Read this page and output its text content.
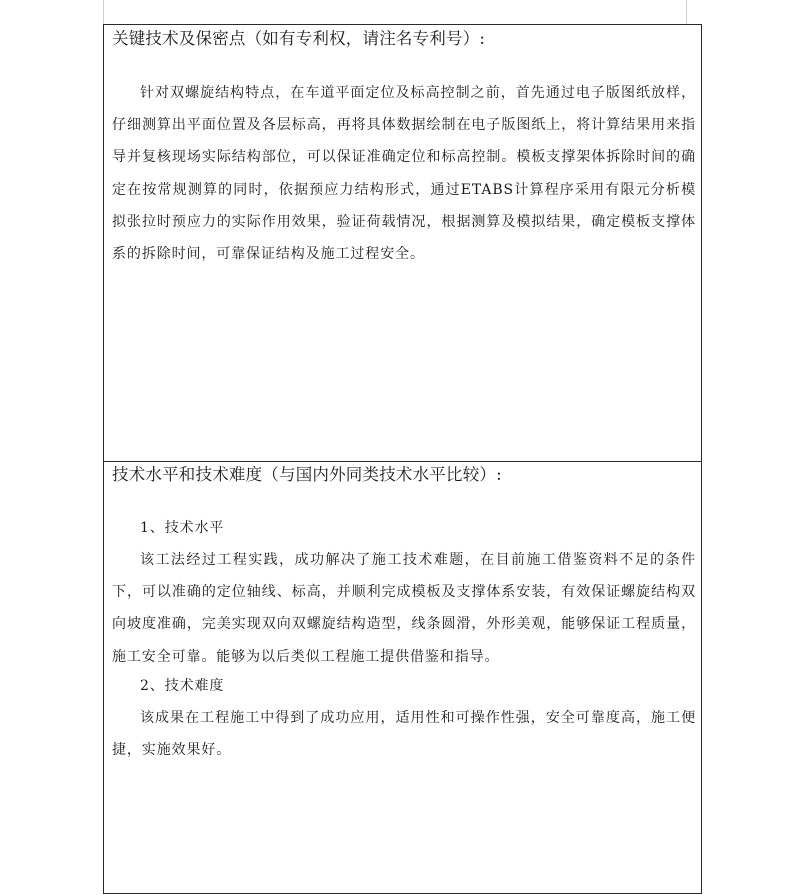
关键技术及保密点（如有专利权，请注名专利号）:

针对双螺旋结构特点，在车道平面定位及标高控制之前，首先通过电子版图纸放样，仔细测算出平面位置及各层标高，再将具体数据绘制在电子版图纸上，将计算结果用来指导并复核现场实际结构部位，可以保证准确定位和标高控制。模板支撑架体拆除时间的确定在按常规测算的同时，依据预应力结构形式，通过ETABS计算程序采用有限元分析模拟张拉时预应力的实际作用效果，验证荷载情况，根据测算及模拟结果，确定模板支撑体系的拆除时间，可靠保证结构及施工过程安全。

技术水平和技术难度（与国内外同类技术水平比较）:
1、技术水平

该工法经过工程实践，成功解决了施工技术难题，在目前施工借鉴资料不足的条件下，可以准确的定位轴线、标高，并顺利完成模板及支撑体系安装，有效保证螺旋结构双向坡度准确，完美实现双向双螺旋结构造型，线条圆滑，外形美观，能够保证工程质量，施工安全可靠。能够为以后类似工程施工提供借鉴和指导。

2、技术难度

该成果在工程施工中得到了成功应用，适用性和可操作性强，安全可靠度高，施工便捷，实施效果好。
